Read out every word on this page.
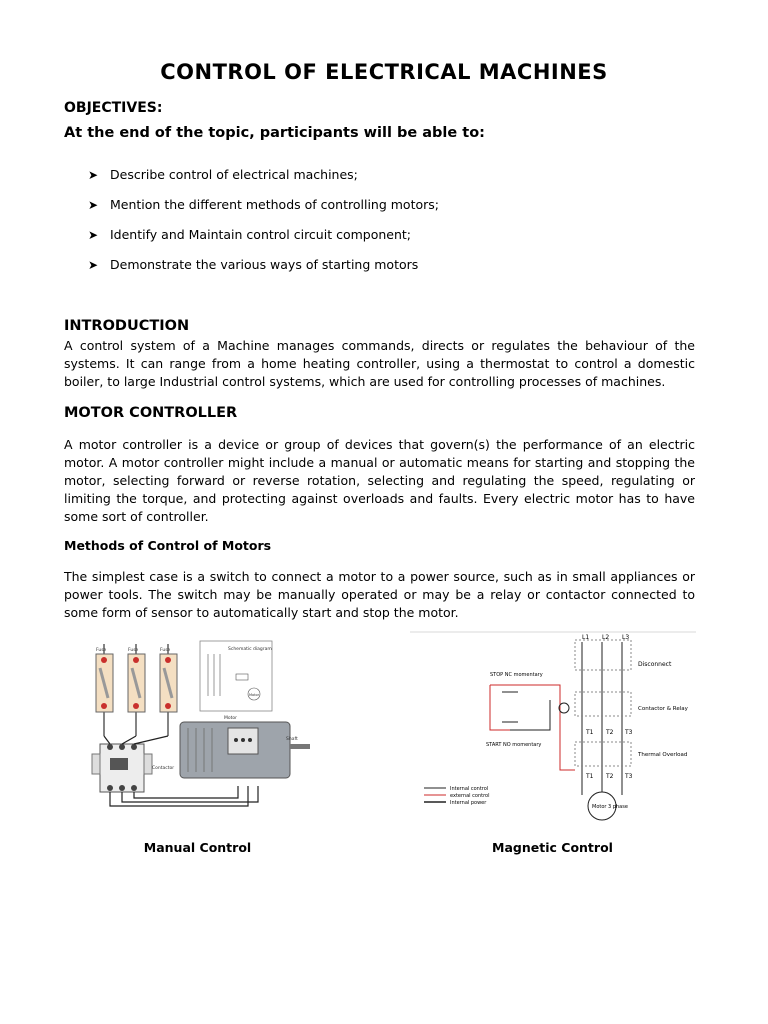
CONTROL OF ELECTRICAL MACHINES
OBJECTIVES:
At the end of the topic, participants will be able to:
➤ Describe control of electrical machines;
➤ Mention the different methods of controlling motors;
➤ Identify and Maintain control circuit component;
➤ Demonstrate the various ways of starting motors
INTRODUCTION
A control system of a Machine manages commands, directs or regulates the behaviour of the systems. It can range from a home heating controller, using a thermostat to control a domestic boiler, to large Industrial control systems, which are used for controlling processes of machines.
MOTOR CONTROLLER
A motor controller is a device or group of devices that govern(s) the performance of an electric motor. A motor controller might include a manual or automatic means for starting and stopping the motor, selecting forward or reverse rotation, selecting and regulating the speed, regulating or limiting the torque, and protecting against overloads and faults. Every electric motor has to have some sort of controller.
Methods of Control of Motors
The simplest case is a switch to connect a motor to a power source, such as in small appliances or power tools. The switch may be manually operated or may be a relay or contactor connected to some form of sensor to automatically start and stop the motor.
Fuse	Fuse	Fuse	Schematic diagram
Motor
Contactor
Motor
Shaft
L1 L2 L3
Disconnect
T1 T2 T3
T1 T2 T3
Contactor & Relay
Thermal Overload
STOP NC momentary
START NO momentary
Motor 3 phase
Internal control
external control
Internal power
Manual Control	Magnetic Control
